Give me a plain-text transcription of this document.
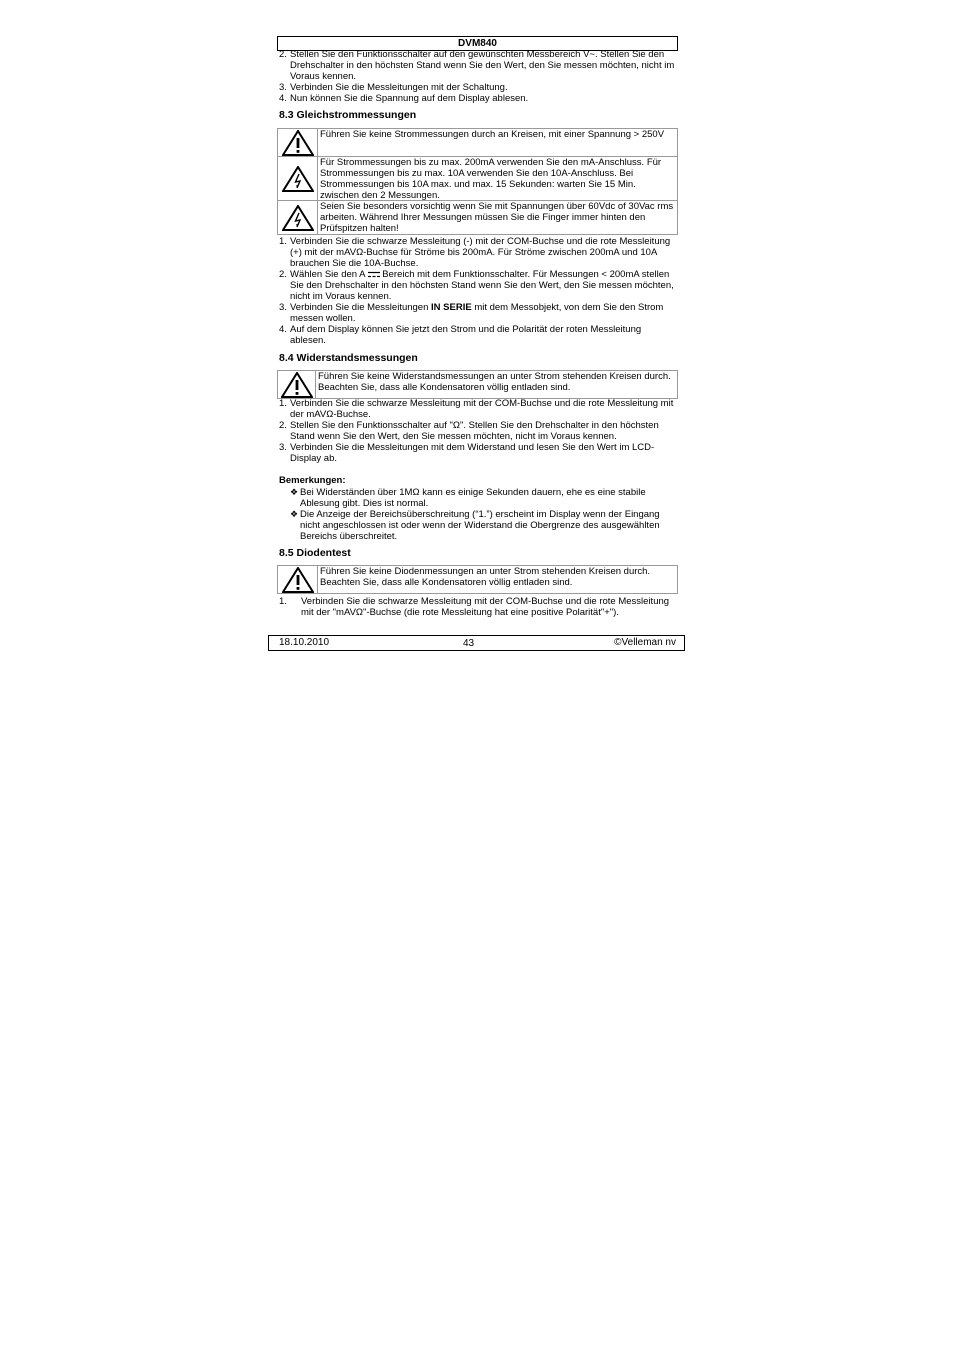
DVM840
2. Stellen Sie den Funktionsschalter auf den gewünschten Messbereich V~. Stellen Sie den Drehschalter in den höchsten Stand wenn Sie den Wert, den Sie messen möchten, nicht im Voraus kennen.
3. Verbinden Sie die Messleitungen mit der Schaltung.
4. Nun können Sie die Spannung auf dem Display ablesen.
8.3 Gleichstrommessungen
Führen Sie keine Strommessungen durch an Kreisen, mit einer Spannung > 250V
Für Strommessungen bis zu max. 200mA verwenden Sie den mA-Anschluss. Für Strommessungen bis zu max. 10A verwenden Sie den 10A-Anschluss. Bei Strommessungen bis 10A max. und max. 15 Sekunden: warten Sie 15 Min. zwischen den 2 Messungen.
Seien Sie besonders vorsichtig wenn Sie mit Spannungen über 60Vdc of 30Vac rms arbeiten. Während Ihrer Messungen müssen Sie die Finger immer hinten den Prüfspitzen halten!
1. Verbinden Sie die schwarze Messleitung (-) mit der COM-Buchse und die rote Messleitung (+) mit der mAVΩ-Buchse für Ströme bis 200mA. Für Ströme zwischen 200mA und 10A brauchen Sie die 10A-Buchse.
2. Wählen Sie den A Bereich mit dem Funktionsschalter. Für Messungen < 200mA stellen Sie den Drehschalter in den höchsten Stand wenn Sie den Wert, den Sie messen möchten, nicht im Voraus kennen.
3. Verbinden Sie die Messleitungen IN SERIE mit dem Messobjekt, von dem Sie den Strom messen wollen.
4. Auf dem Display können Sie jetzt den Strom und die Polarität der roten Messleitung ablesen.
8.4 Widerstandsmessungen
Führen Sie keine Widerstandsmessungen an unter Strom stehenden Kreisen durch. Beachten Sie, dass alle Kondensatoren völlig entladen sind.
1. Verbinden Sie die schwarze Messleitung mit der COM-Buchse und die rote Messleitung mit der mAVΩ-Buchse.
2. Stellen Sie den Funktionsschalter auf "Ω". Stellen Sie den Drehschalter in den höchsten Stand wenn Sie den Wert, den Sie messen möchten, nicht im Voraus kennen.
3. Verbinden Sie die Messleitungen mit dem Widerstand und lesen Sie den Wert im LCD-Display ab.
Bemerkungen:
❖ Bei Widerständen über 1MΩ kann es einige Sekunden dauern, ehe es eine stabile Ablesung gibt. Dies ist normal.
❖ Die Anzeige der Bereichsüberschreitung (“1.”) erscheint im Display wenn der Eingang nicht angeschlossen ist oder wenn der Widerstand die Obergrenze des ausgewählten Bereichs überschreitet.
8.5 Diodentest
Führen Sie keine Diodenmessungen an unter Strom stehenden Kreisen durch. Beachten Sie, dass alle Kondensatoren völlig entladen sind.
1. Verbinden Sie die schwarze Messleitung mit der COM-Buchse und die rote Messleitung mit der "mAVΩ"-Buchse (die rote Messleitung hat eine positive Polarität"+").
18.10.2010	43	©Velleman nv
